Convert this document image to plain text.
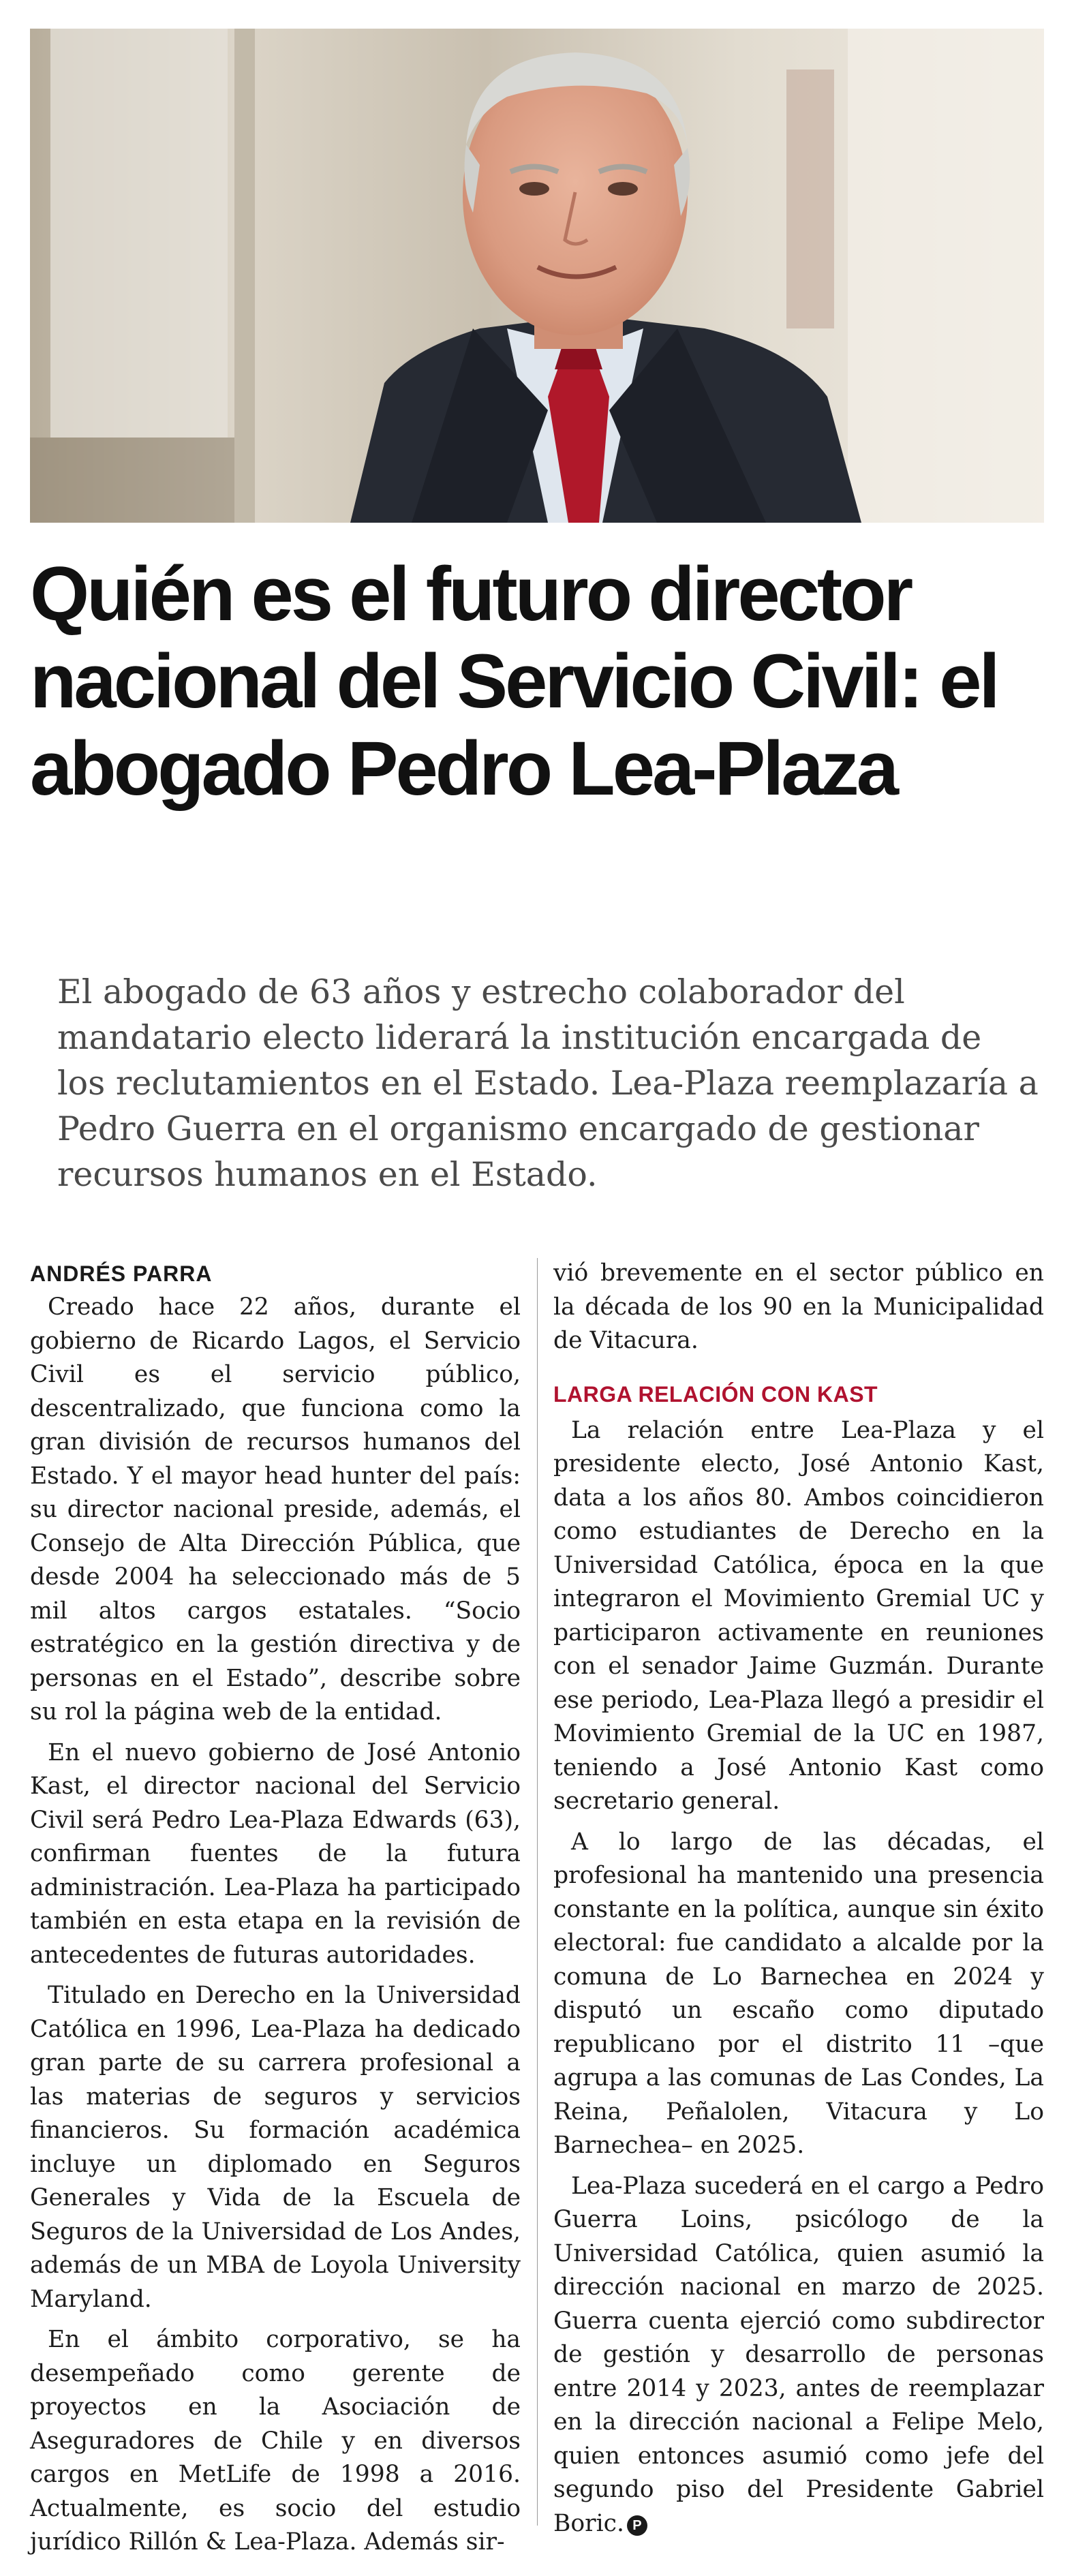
Quién es el futuro director nacional del Servicio Civil: el abogado Pedro Lea-Plaza

El abogado de 63 años y estrecho colaborador del mandatario electo liderará la institución encargada de los reclutamientos en el Estado. Lea-Plaza reemplazaría a Pedro Guerra en el organismo encargado de gestionar recursos humanos en el Estado.

ANDRÉS PARRA

Creado hace 22 años, durante el gobierno de Ricardo Lagos, el Servicio Civil es el servicio público, descentralizado, que funciona como la gran división de recursos humanos del Estado. Y el mayor head hunter del país: su director nacional preside, además, el Consejo de Alta Dirección Pública, que desde 2004 ha seleccionado más de 5 mil altos cargos estatales. “Socio estratégico en la gestión directiva y de personas en el Estado”, describe sobre su rol la página web de la entidad.

En el nuevo gobierno de José Antonio Kast, el director nacional del Servicio Civil será Pedro Lea-Plaza Edwards (63), confirman fuentes de la futura administración. Lea-Plaza ha participado también en esta etapa en la revisión de antecedentes de futuras autoridades.

Titulado en Derecho en la Universidad Católica en 1996, Lea-Plaza ha dedicado gran parte de su carrera profesional a las materias de seguros y servicios financieros. Su formación académica incluye un diplomado en Seguros Generales y Vida de la Escuela de Seguros de la Universidad de Los Andes, además de un MBA de Loyola University Maryland.

En el ámbito corporativo, se ha desempeñado como gerente de proyectos en la Asociación de Aseguradores de Chile y en diversos cargos en MetLife de 1998 a 2016. Actualmente, es socio del estudio jurídico Rillón & Lea-Plaza. Además sir-

vió brevemente en el sector público en la década de los 90 en la Municipalidad de Vitacura.

LARGA RELACIÓN CON KAST

La relación entre Lea-Plaza y el presidente electo, José Antonio Kast, data a los años 80. Ambos coincidieron como estudiantes de Derecho en la Universidad Católica, época en la que integraron el Movimiento Gremial UC y participaron activamente en reuniones con el senador Jaime Guzmán. Durante ese periodo, Lea-Plaza llegó a presidir el Movimiento Gremial de la UC en 1987, teniendo a José Antonio Kast como secretario general.

A lo largo de las décadas, el profesional ha mantenido una presencia constante en la política, aunque sin éxito electoral: fue candidato a alcalde por la comuna de Lo Barnechea en 2024 y disputó un escaño como diputado republicano por el distrito 11 –que agrupa a las comunas de Las Condes, La Reina, Peñalolen, Vitacura y Lo Barnechea– en 2025.

Lea-Plaza sucederá en el cargo a Pedro Guerra Loins, psicólogo de la Universidad Católica, quien asumió la dirección nacional en marzo de 2025. Guerra cuenta ejerció como subdirector de gestión y desarrollo de personas entre 2014 y 2023, antes de reemplazar en la dirección nacional a Felipe Melo, quien entonces asumió como jefe del segundo piso del Presidente Gabriel Boric. P
